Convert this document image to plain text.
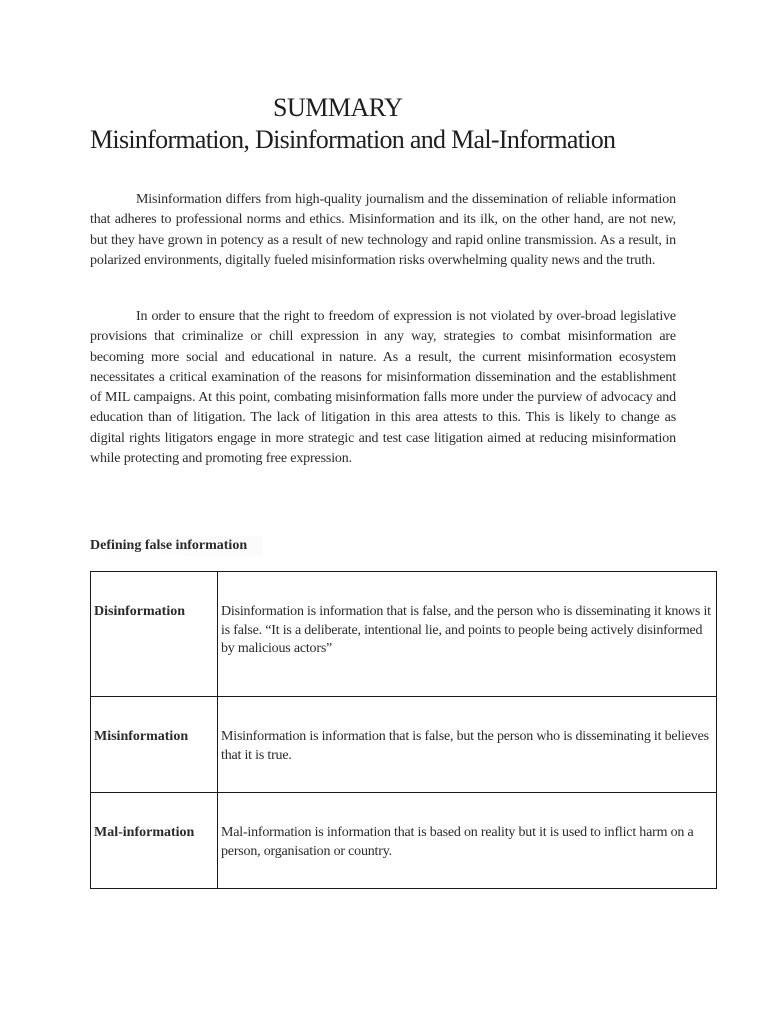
SUMMARY
Misinformation, Disinformation and Mal-Information

Misinformation differs from high-quality journalism and the dissemination of reliable information that adheres to professional norms and ethics. Misinformation and its ilk, on the other hand, are not new, but they have grown in potency as a result of new technology and rapid online transmission. As a result, in polarized environments, digitally fueled misinformation risks overwhelming quality news and the truth.

In order to ensure that the right to freedom of expression is not violated by over-broad legislative provisions that criminalize or chill expression in any way, strategies to combat misinformation are becoming more social and educational in nature. As a result, the current misinformation ecosystem necessitates a critical examination of the reasons for misinformation dissemination and the establishment of MIL campaigns. At this point, combating misinformation falls more under the purview of advocacy and education than of litigation. The lack of litigation in this area attests to this. This is likely to change as digital rights litigators engage in more strategic and test case litigation aimed at reducing misinformation while protecting and promoting free expression.

Defining false information
Disinformation	Disinformation is information that is false, and the person who is disseminating it knows it is false. “It is a deliberate, intentional lie, and points to people being actively disinformed by malicious actors”
Misinformation	Misinformation is information that is false, but the person who is disseminating it believes that it is true.
Mal-information	Mal-information is information that is based on reality but it is used to inflict harm on a person, organisation or country.
